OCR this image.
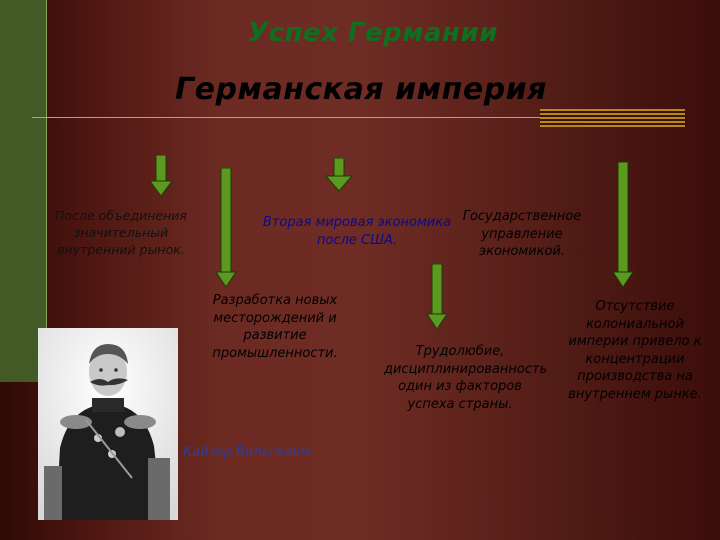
Успех Германии
Германская империя
После объединения значительный внутренний рынок.
Вторая мировая экономика после США.
Государственное управление экономикой.
Разработка новых месторождений и развитие промышленности.	Трудолюбие, дисциплинированность один из факторов успеха страны.
Отсутствие колониальной империи привело к концентрации производства на внутреннем рынке.
Кайзер Вильгельм.
